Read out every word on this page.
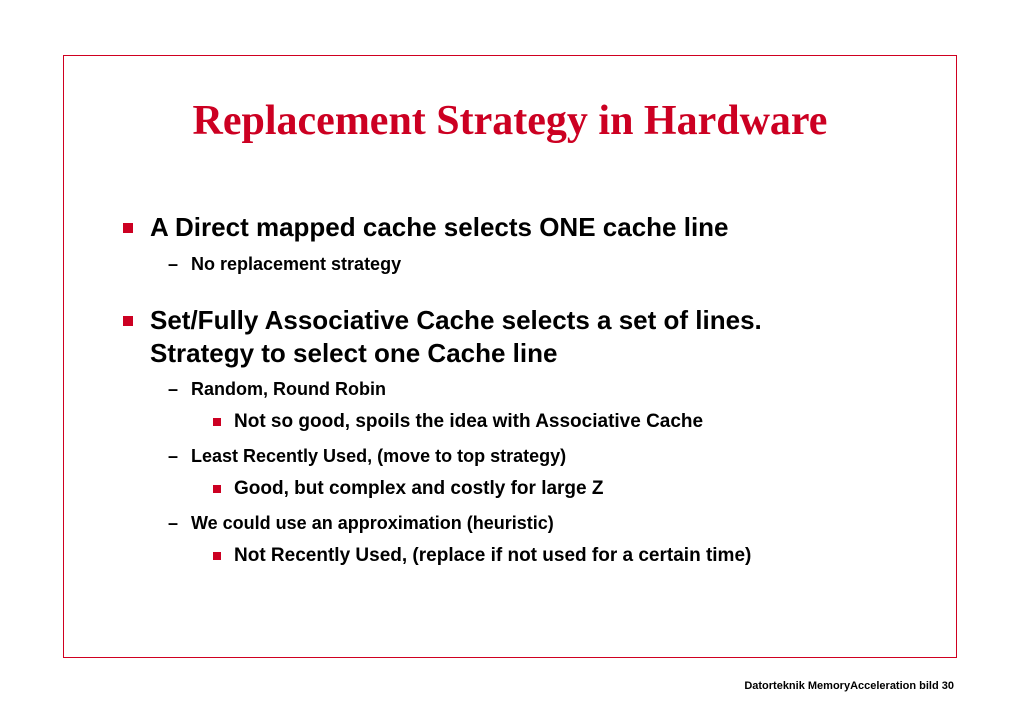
Replacement Strategy in Hardware
A Direct mapped cache selects ONE cache line
– No replacement strategy
Set/Fully Associative Cache selects a set of lines.
Strategy to select one Cache line
– Random, Round Robin
Not so good, spoils the idea with Associative Cache
– Least Recently Used, (move to top strategy)
Good, but complex and costly for large Z
– We could use an approximation (heuristic)
Not Recently Used, (replace if not used for a certain time)
Datorteknik MemoryAcceleration bild 30
